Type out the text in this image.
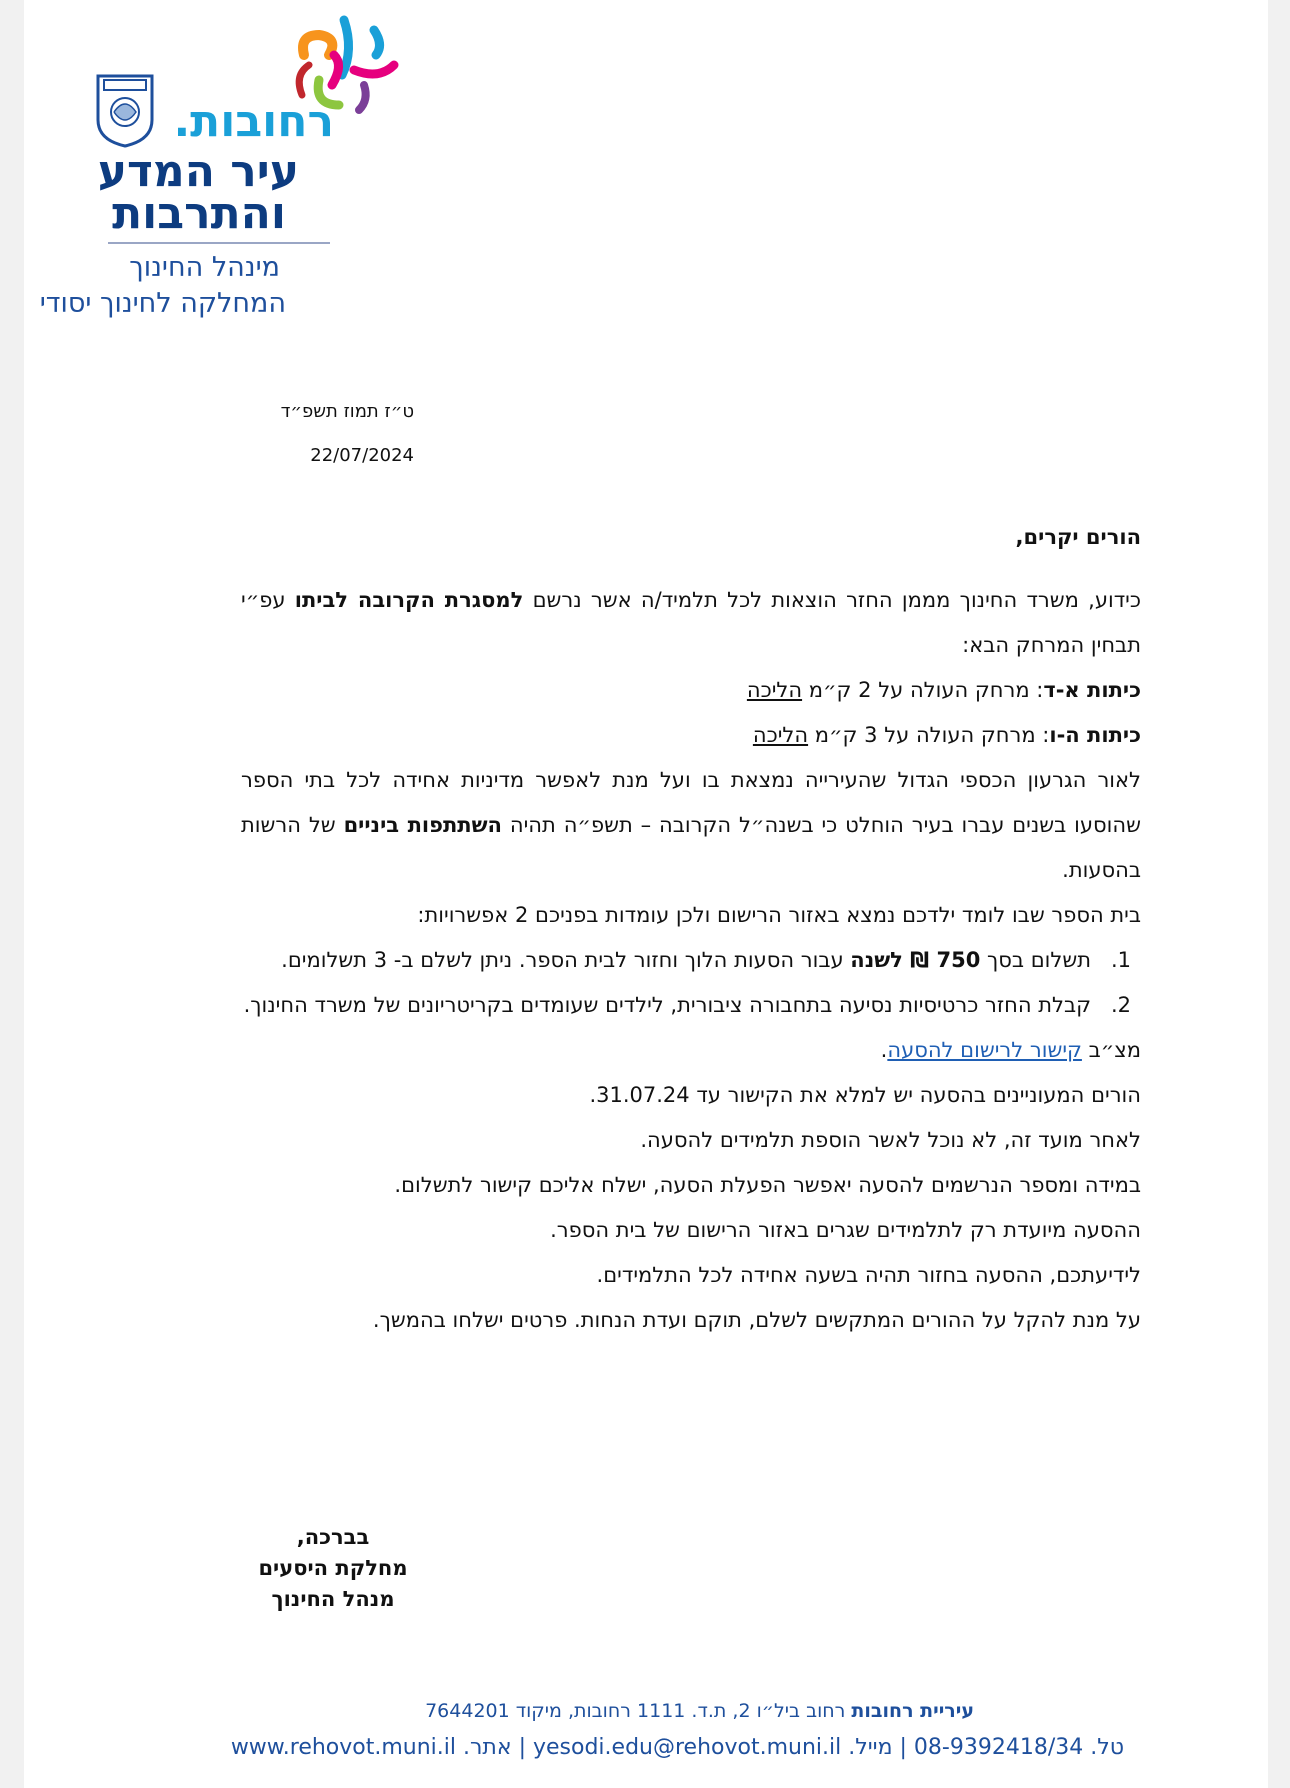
רחובות.
עיר המדע
והתרבות
מינהל החינוך
המחלקה לחינוך יסודי
ט״ז תמוז תשפ״ד
22/07/2024

הורים יקרים,

כידוע, משרד החינוך מממן החזר הוצאות לכל תלמיד/ה אשר נרשם למסגרת הקרובה לביתו עפ״י תבחין המרחק הבא:

כיתות א-ד: מרחק העולה על 2 ק״מ הליכה

כיתות ה-ו: מרחק העולה על 3 ק״מ הליכה

לאור הגרעון הכספי הגדול שהעירייה נמצאת בו ועל מנת לאפשר מדיניות אחידה לכל בתי הספר שהוסעו בשנים עברו בעיר הוחלט כי בשנה״ל הקרובה – תשפ״ה תהיה השתתפות ביניים של הרשות בהסעות.

בית הספר שבו לומד ילדכם נמצא באזור הרישום ולכן עומדות בפניכם 2 אפשרויות:

1.
תשלום בסך 750 ₪ לשנה עבור הסעות הלוך וחזור לבית הספר. ניתן לשלם ב- 3 תשלומים.
2.
קבלת החזר כרטיסיות נסיעה בתחבורה ציבורית, לילדים שעומדים בקריטריונים של משרד החינוך.

מצ״ב קישור לרישום להסעה.

הורים המעוניינים בהסעה יש למלא את הקישור עד 31.07.24.

לאחר מועד זה, לא נוכל לאשר הוספת תלמידים להסעה.

במידה ומספר הנרשמים להסעה יאפשר הפעלת הסעה, ישלח אליכם קישור לתשלום.

ההסעה מיועדת רק לתלמידים שגרים באזור הרישום של בית הספר.

לידיעתכם, ההסעה בחזור תהיה בשעה אחידה לכל התלמידים.

על מנת להקל על ההורים המתקשים לשלם, תוקם ועדת הנחות. פרטים ישלחו בהמשך.

בברכה,
מחלקת היסעים
מנהל החינוך
עיריית רחובות רחוב ביל״ו 2, ת.ד. 1111 רחובות, מיקוד 7644201
טל. 08-9392418/34 | מייל. yesodi.edu@rehovot.muni.il | אתר. www.rehovot.muni.il
